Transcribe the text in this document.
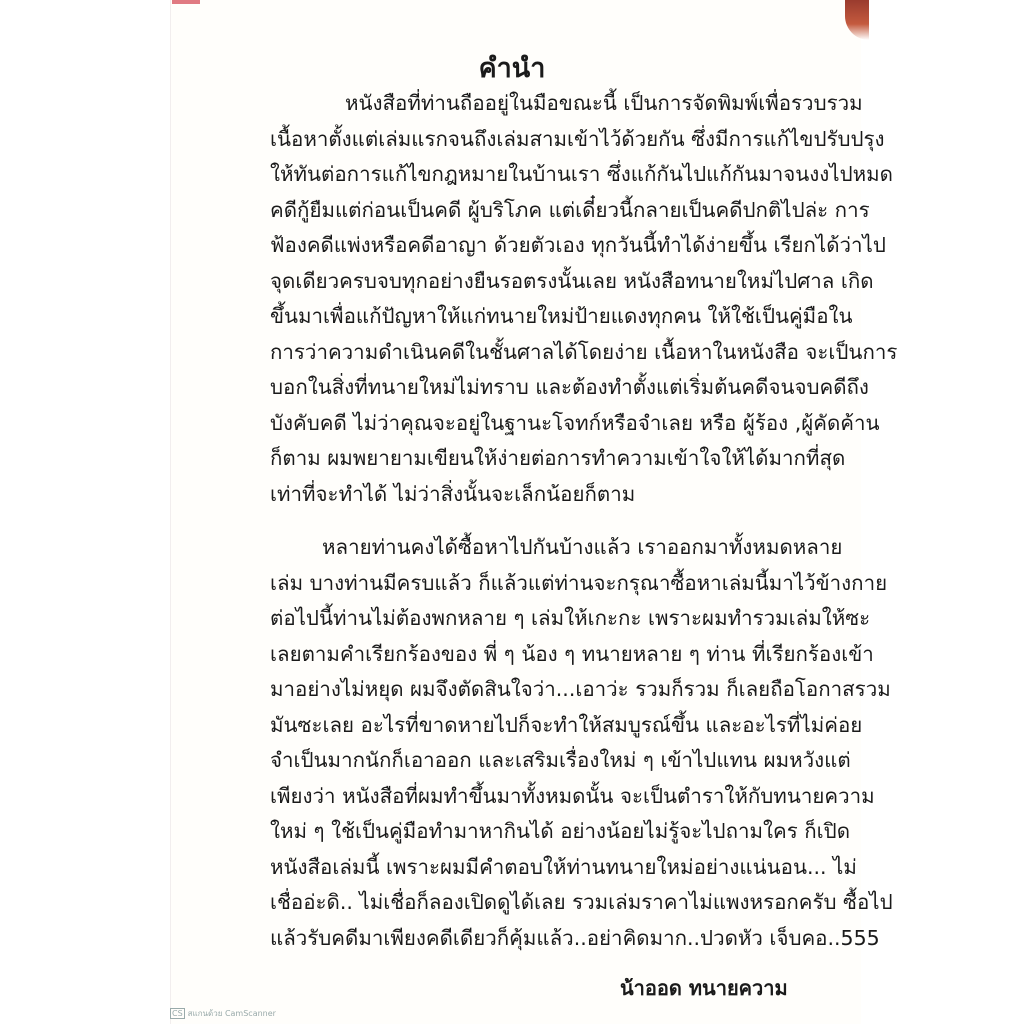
คำนำ
หนังสือที่ท่านถืออยู่ในมือขณะนี้ เป็นการจัดพิมพ์เพื่อรวบรวม
เนื้อหาตั้งแต่เล่มแรกจนถึงเล่มสามเข้าไว้ด้วยกัน ซึ่งมีการแก้ไขปรับปรุง
ให้ทันต่อการแก้ไขกฎหมายในบ้านเรา ซึ่งแก้กันไปแก้กันมาจนงงไปหมด
คดีกู้ยืมแต่ก่อนเป็นคดี ผู้บริโภค แต่เดี๋ยวนี้กลายเป็นคดีปกติไปล่ะ การ
ฟ้องคดีแพ่งหรือคดีอาญา ด้วยตัวเอง ทุกวันนี้ทำได้ง่ายขึ้น เรียกได้ว่าไป
จุดเดียวครบจบทุกอย่างยืนรอตรงนั้นเลย หนังสือทนายใหม่ไปศาล เกิด
ขึ้นมาเพื่อแก้ปัญหาให้แก่ทนายใหม่ป้ายแดงทุกคน ให้ใช้เป็นคู่มือใน
การว่าความดำเนินคดีในชั้นศาลได้โดยง่าย เนื้อหาในหนังสือ จะเป็นการ
บอกในสิ่งที่ทนายใหม่ไม่ทราบ และต้องทำตั้งแต่เริ่มต้นคดีจนจบคดีถึง
บังคับคดี ไม่ว่าคุณจะอยู่ในฐานะโจทก์หรือจำเลย หรือ ผู้ร้อง ,ผู้คัดค้าน
ก็ตาม ผมพยายามเขียนให้ง่ายต่อการทำความเข้าใจให้ได้มากที่สุด
เท่าที่จะทำได้ ไม่ว่าสิ่งนั้นจะเล็กน้อยก็ตาม
หลายท่านคงได้ซื้อหาไปกันบ้างแล้ว เราออกมาทั้งหมดหลาย
เล่ม บางท่านมีครบแล้ว ก็แล้วแต่ท่านจะกรุณาซื้อหาเล่มนี้มาไว้ข้างกาย
ต่อไปนี้ท่านไม่ต้องพกหลาย ๆ เล่มให้เกะกะ เพราะผมทำรวมเล่มให้ซะ
เลยตามคำเรียกร้องของ พี่ ๆ น้อง ๆ ทนายหลาย ๆ ท่าน ที่เรียกร้องเข้า
มาอย่างไม่หยุด ผมจึงตัดสินใจว่า...เอาว่ะ รวมก็รวม ก็เลยถือโอกาสรวม
มันซะเลย อะไรที่ขาดหายไปก็จะทำให้สมบูรณ์ขึ้น และอะไรที่ไม่ค่อย
จำเป็นมากนักก็เอาออก และเสริมเรื่องใหม่ ๆ เข้าไปแทน ผมหวังแต่
เพียงว่า หนังสือที่ผมทำขึ้นมาทั้งหมดนั้น จะเป็นตำราให้กับทนายความ
ใหม่ ๆ ใช้เป็นคู่มือทำมาหากินได้ อย่างน้อยไม่รู้จะไปถามใคร ก็เปิด
หนังสือเล่มนี้ เพราะผมมีคำตอบให้ท่านทนายใหม่อย่างแน่นอน... ไม่
เชื่ออ่ะดิ.. ไม่เชื่อก็ลองเปิดดูได้เลย รวมเล่มราคาไม่แพงหรอกครับ ซื้อไป
แล้วรับคดีมาเพียงคดีเดียวก็คุ้มแล้ว..อย่าคิดมาก..ปวดหัว เจ็บคอ..555
น้าออด ทนายความ
CS สแกนด้วย CamScanner
